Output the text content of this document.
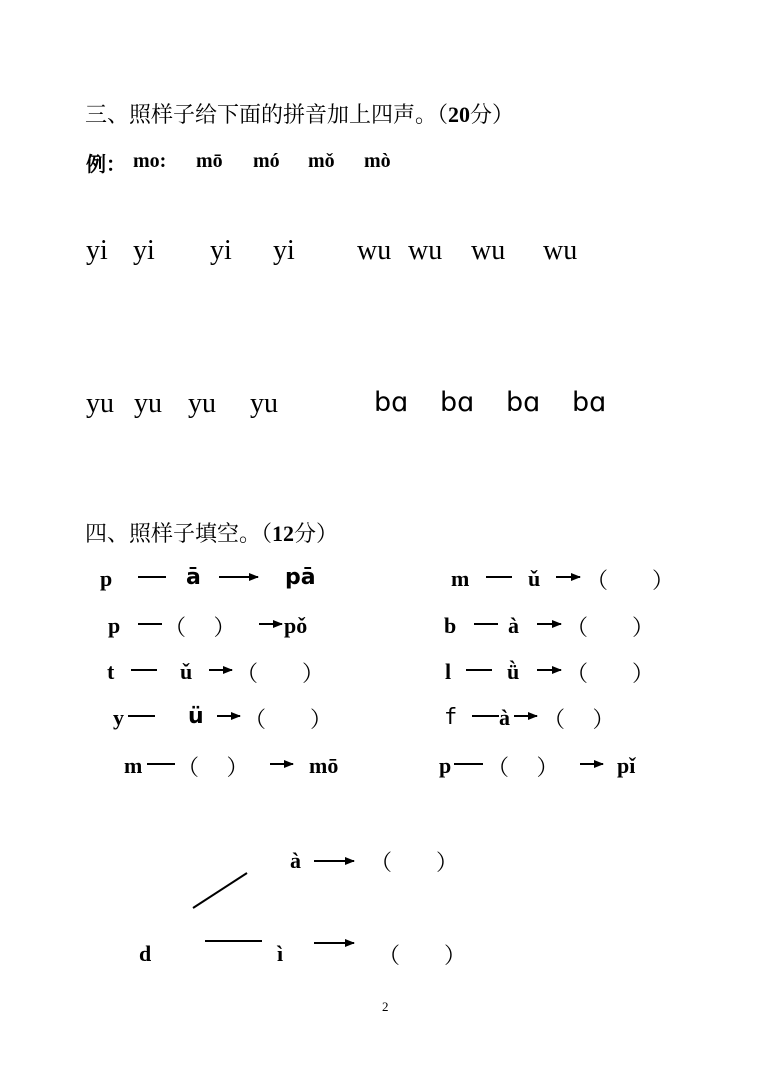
三、照样子给下面的拼音加上四声。（20分）
例： mo: mō mó mǒ mò
yi yi yi yi wu wu wu wu
yu yu yu yu	bɑ bɑ bɑ bɑ
四、照样子填空。（12分）
p	ā	pā
p （　 ） pǒ
t	ǔ （　　）
y	ü （　　）
m （　 ）	mō
m	ǔ （　　）
b à （　　）
l	ǜ （　　）
f à （　 ）
p （　 ）	pǐ
à	（　　）
d	ì	（　　）
2
